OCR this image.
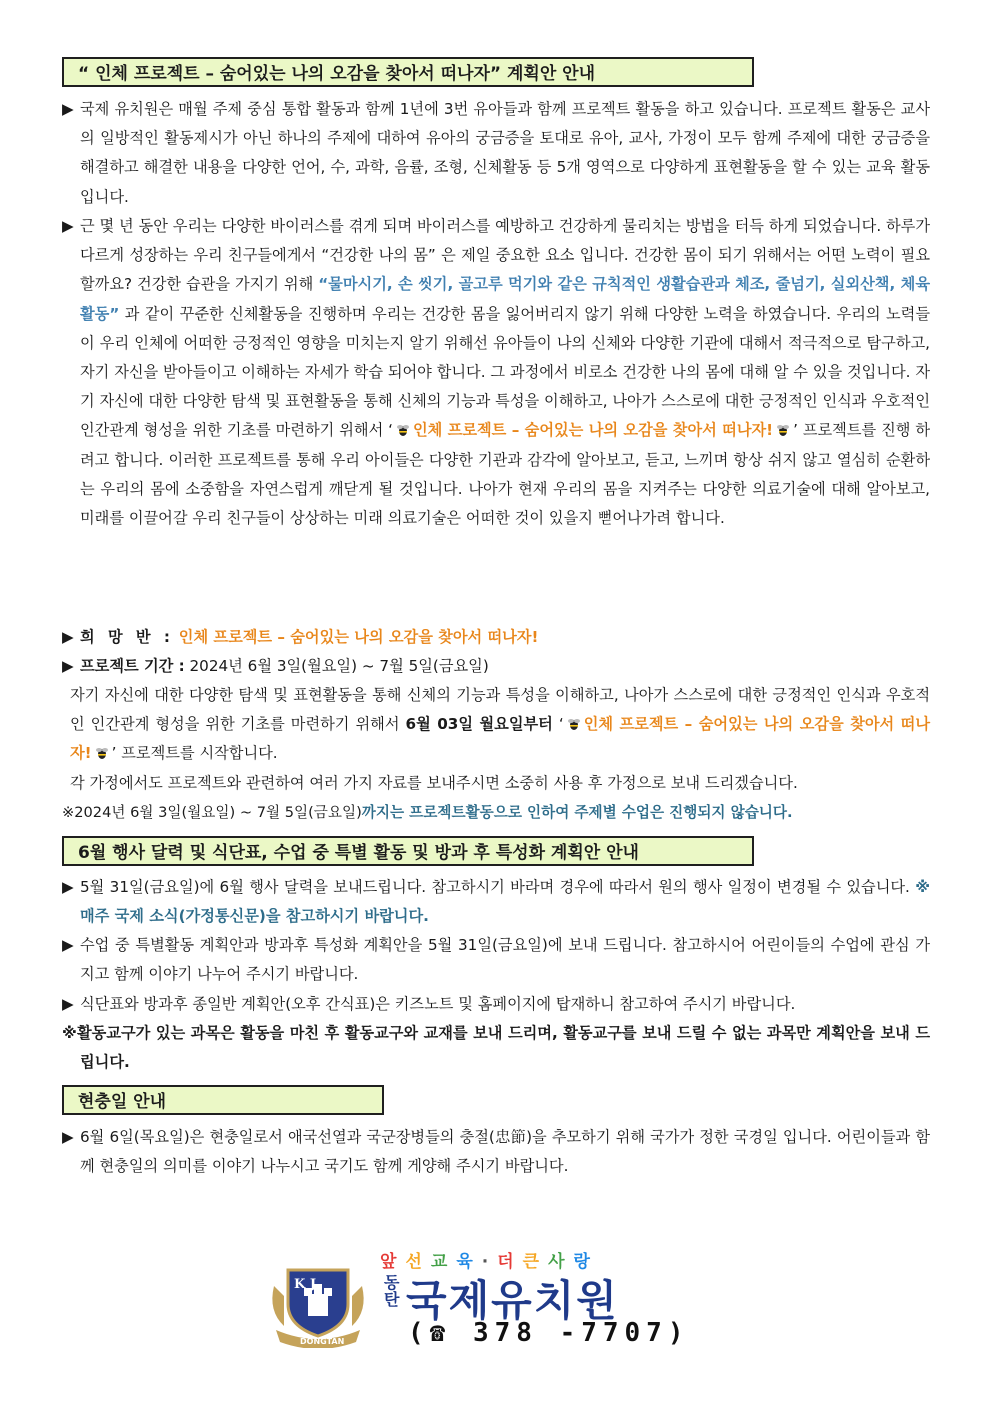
“ 인체 프로젝트 – 숨어있는 나의 오감을 찾아서 떠나자” 계획안 안내
▶ 국제 유치원은 매월 주제 중심 통합 활동과 함께 1년에 3번 유아들과 함께 프로젝트 활동을 하고 있습니다. 프로젝트 활동은 교사의 일방적인 활동제시가 아닌 하나의 주제에 대하여 유아의 궁금증을 토대로 유아, 교사, 가정이 모두 함께 주제에 대한 궁금증을 해결하고 해결한 내용을 다양한 언어, 수, 과학, 음률, 조형, 신체활동 등 5개 영역으로 다양하게 표현활동을 할 수 있는 교육 활동입니다.
▶ 근 몇 년 동안 우리는 다양한 바이러스를 겪게 되며 바이러스를 예방하고 건강하게 물리치는 방법을 터득 하게 되었습니다. 하루가 다르게 성장하는 우리 친구들에게서 “건강한 나의 몸” 은 제일 중요한 요소 입니다. 건강한 몸이 되기 위해서는 어떤 노력이 필요할까요? 건강한 습관을 가지기 위해 “물마시기, 손 씻기, 골고루 먹기와 같은 규칙적인 생활습관과 체조, 줄넘기, 실외산책, 체육활동” 과 같이 꾸준한 신체활동을 진행하며 우리는 건강한 몸을 잃어버리지 않기 위해 다양한 노력을 하였습니다. 우리의 노력들이 우리 인체에 어떠한 긍정적인 영향을 미치는지 알기 위해선 유아들이 나의 신체와 다양한 기관에 대해서 적극적으로 탐구하고, 자기 자신을 받아들이고 이해하는 자세가 학습 되어야 합니다. 그 과정에서 비로소 건강한 나의 몸에 대해 알 수 있을 것입니다. 자기 자신에 대한 다양한 탐색 및 표현활동을 통해 신체의 기능과 특성을 이해하고, 나아가 스스로에 대한 긍정적인 인식과 우호적인 인간관계 형성을 위한 기초를 마련하기 위해서 ‘ 인체 프로젝트 – 숨어있는 나의 오감을 찾아서 떠나자! ’ 프로젝트를 진행 하려고 합니다. 이러한 프로젝트를 통해 우리 아이들은 다양한 기관과 감각에 알아보고, 듣고, 느끼며 항상 쉬지 않고 열심히 순환하는 우리의 몸에 소중함을 자연스럽게 깨닫게 될 것입니다. 나아가 현재 우리의 몸을 지켜주는 다양한 의료기술에 대해 알아보고, 미래를 이끌어갈 우리 친구들이 상상하는 미래 의료기술은 어떠한 것이 있을지 뻗어나가려 합니다.
▶ 희 망 반 : 인체 프로젝트 – 숨어있는 나의 오감을 찾아서 떠나자!
▶ 프로젝트 기간 : 2024년 6월 3일(월요일) ~ 7월 5일(금요일)
자기 자신에 대한 다양한 탐색 및 표현활동을 통해 신체의 기능과 특성을 이해하고, 나아가 스스로에 대한 긍정적인 인식과 우호적인 인간관계 형성을 위한 기초를 마련하기 위해서 6월 03일 월요일부터 ‘ 인체 프로젝트 – 숨어있는 나의 오감을 찾아서 떠나자! ’ 프로젝트를 시작합니다.
각 가정에서도 프로젝트와 관련하여 여러 가지 자료를 보내주시면 소중히 사용 후 가정으로 보내 드리겠습니다.
※2024년 6월 3일(월요일) ~ 7월 5일(금요일)까지는 프로젝트활동으로 인하여 주제별 수업은 진행되지 않습니다.
6월 행사 달력 및 식단표, 수업 중 특별 활동 및 방과 후 특성화 계획안 안내
▶ 5월 31일(금요일)에 6월 행사 달력을 보내드립니다. 참고하시기 바라며 경우에 따라서 원의 행사 일정이 변경될 수 있습니다. ※매주 국제 소식(가정통신문)을 참고하시기 바랍니다.
▶ 수업 중 특별활동 계획안과 방과후 특성화 계획안을 5월 31일(금요일)에 보내 드립니다. 참고하시어 어린이들의 수업에 관심 가지고 함께 이야기 나누어 주시기 바랍니다.
▶ 식단표와 방과후 종일반 계획안(오후 간식표)은 키즈노트 및 홈페이지에 탑재하니 참고하여 주시기 바랍니다.
※활동교구가 있는 과목은 활동을 마친 후 활동교구와 교재를 보내 드리며, 활동교구를 보내 드릴 수 없는 과목만 계획안을 보내 드립니다.
현충일 안내
▶ 6월 6일(목요일)은 현충일로서 애국선열과 국군장병들의 충절(忠節)을 추모하기 위해 국가가 정한 국경일 입니다. 어린이들과 함께 현충일의 의미를 이야기 나누시고 국기도 함께 게양해 주시기 바랍니다.
K J
DONGTAN
앞선교육·더큰사랑
동
탄 국제유치원
(☎ 378 -7707)
